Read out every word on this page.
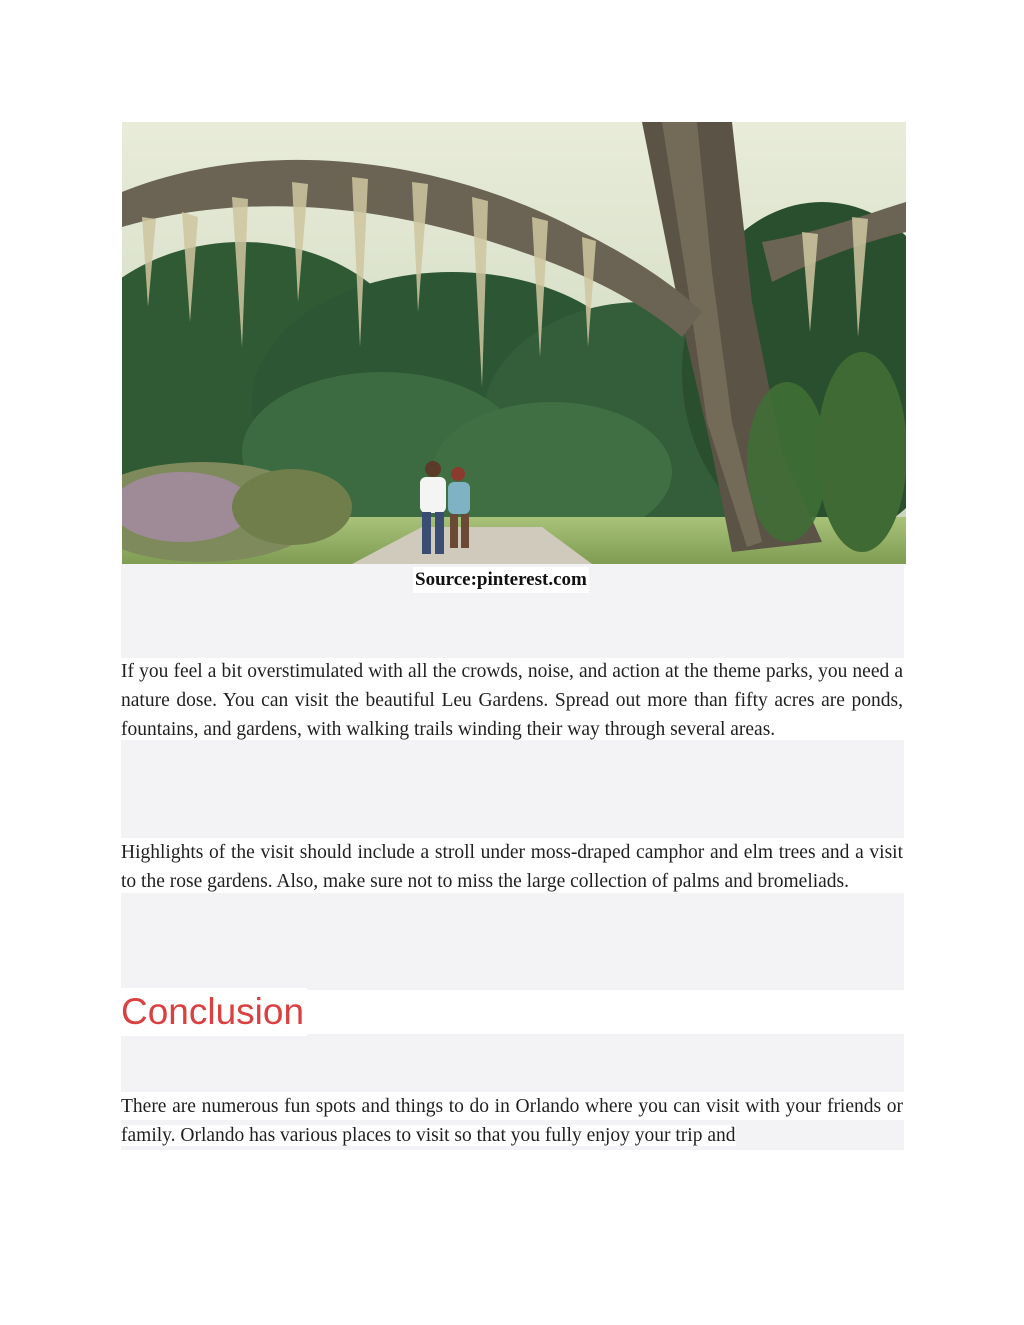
Source:pinterest.com

If you feel a bit overstimulated with all the crowds, noise, and action at the theme parks, you need a nature dose. You can visit the beautiful Leu Gardens. Spread out more than fifty acres are ponds, fountains, and gardens, with walking trails winding their way through several areas.

Highlights of the visit should include a stroll under moss-draped camphor and elm trees and a visit to the rose gardens. Also, make sure not to miss the large collection of palms and bromeliads.

Conclusion

There are numerous fun spots and things to do in Orlando where you can visit with your friends or family. Orlando has various places to visit so that you fully enjoy your trip and
